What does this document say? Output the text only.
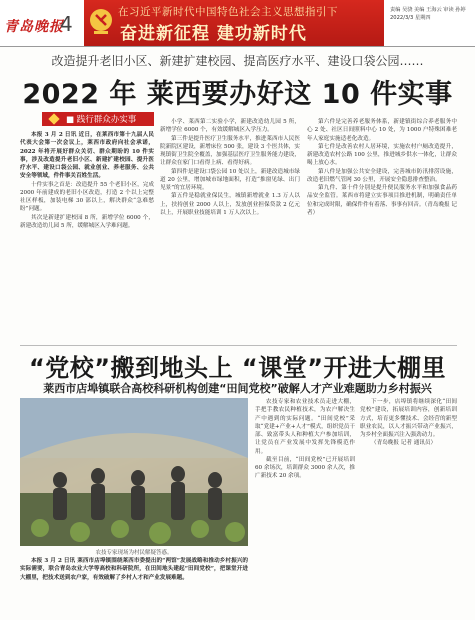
青岛晚报
4	在习近平新时代中国特色社会主义思想指引下
奋进新征程 建功新时代
责编 吴骁 美编 王海云 审读 孙婷
2022/3/3 星期四
改造提升老旧小区、新建扩建校园、提高医疗水平、建设口袋公园……
2022 年 莱西要办好这 10 件实事
■ 践行群众办实事

本报 3 月 2 日讯 近日，在莱西市第十九届人民代表大会第一次会议上，莱西市政府向社会承诺，2022 年将开展好群众关切、群众期盼的 10 件实事，涉及改造提升老旧小区、新建扩建校园、提升医疗水平、建设口袋公园、就业创业、养老服务、公共安全等领域，件件事关百姓生活。

十件实事之首是：改造提升 55 个老旧小区，完成 2000 年前建成的老旧小区改造，打造 2 个以上完整社区样板，加装电梯 30 部以上，解决群众“急难愁盼”问题。

其次是新建扩建校园 8 所，新增学位 6000 个，新建改造幼儿园 5 所，缓解城区入学难问题。

小学、莱西第二实验小学，新建改造幼儿园 5 所，新增学位 6000 个，有效缓解城区入学压力。

第三件是提升医疗卫生服务水平，推进莱西市人民医院新院区建设，新增床位 500 张，建设 3 个医共体，实现镇街卫生院全覆盖，加强基层医疗卫生服务能力建设，让群众在家门口看得上病、看得好病。

第四件是建设口袋公园 10 处以上，新建改造城市绿道 20 公里，增加城市绿地面积，打造“推窗见绿、出门见景”的宜居环境。

第五件是稳就业保民生，城镇新增就业 1.3 万人以上，扶持创业 2000 人以上，发放创业担保贷款 2 亿元以上，开展职业技能培训 1 万人次以上。

第六件是完善养老服务体系，新建镇街综合养老服务中心 2 处、社区日间照料中心 10 处，为 1000 户特殊困难老年人家庭实施适老化改造。

第七件是改善农村人居环境，实施农村户厕改造提升，新建改造农村公路 100 公里，推进城乡供水一体化，让群众喝上放心水。

第八件是加强公共安全建设，完善城市防汛排涝设施，改造老旧燃气管网 30 公里，开展安全隐患排查整治。

第九件、第十件分别是提升便民服务水平和加强食品药品安全监管。莱西市将建立实事项目推进机制，明确责任单位和完成时限，确保件件有着落、事事有回音。（青岛晚报 记者）

“党校”搬到地头上 “课堂”开进大棚里
莱西市店埠镇联合高校科研机构创建“田间党校”破解人才产业难题助力乡村振兴
农技专家现场为村民解疑答惑。

本报 3 月 2 日讯 莱西市店埠镇围绕莱西市委提出的“两馆”发展战略和推动乡村振兴的实际需要，联合青岛农业大学等高校和科研院所，在田间地头建起“田间党校”，把课堂开进大棚里，把技术送到农户家，有效破解了乡村人才和产业发展难题。

农技专家和农业技术员走进大棚，手把手教农民种植技术，为农户解决生产中遇到的实际问题。“田间党校”采取“党建+产业+人才”模式，组织党员干部、致富带头人和种植大户参加培训，让党员在产业发展中发挥先锋模范作用。

截至目前，“田间党校”已开展培训 60 余场次，培训群众 3000 余人次，推广新技术 20 余项。

下一步，店埠镇将继续深化“田间党校”建设，拓展培训内容，创新培训方式，培育更多懂技术、会经营的新型职业农民，以人才振兴带动产业振兴，为乡村全面振兴注入强劲动力。

（青岛晚报 记者 通讯员）
